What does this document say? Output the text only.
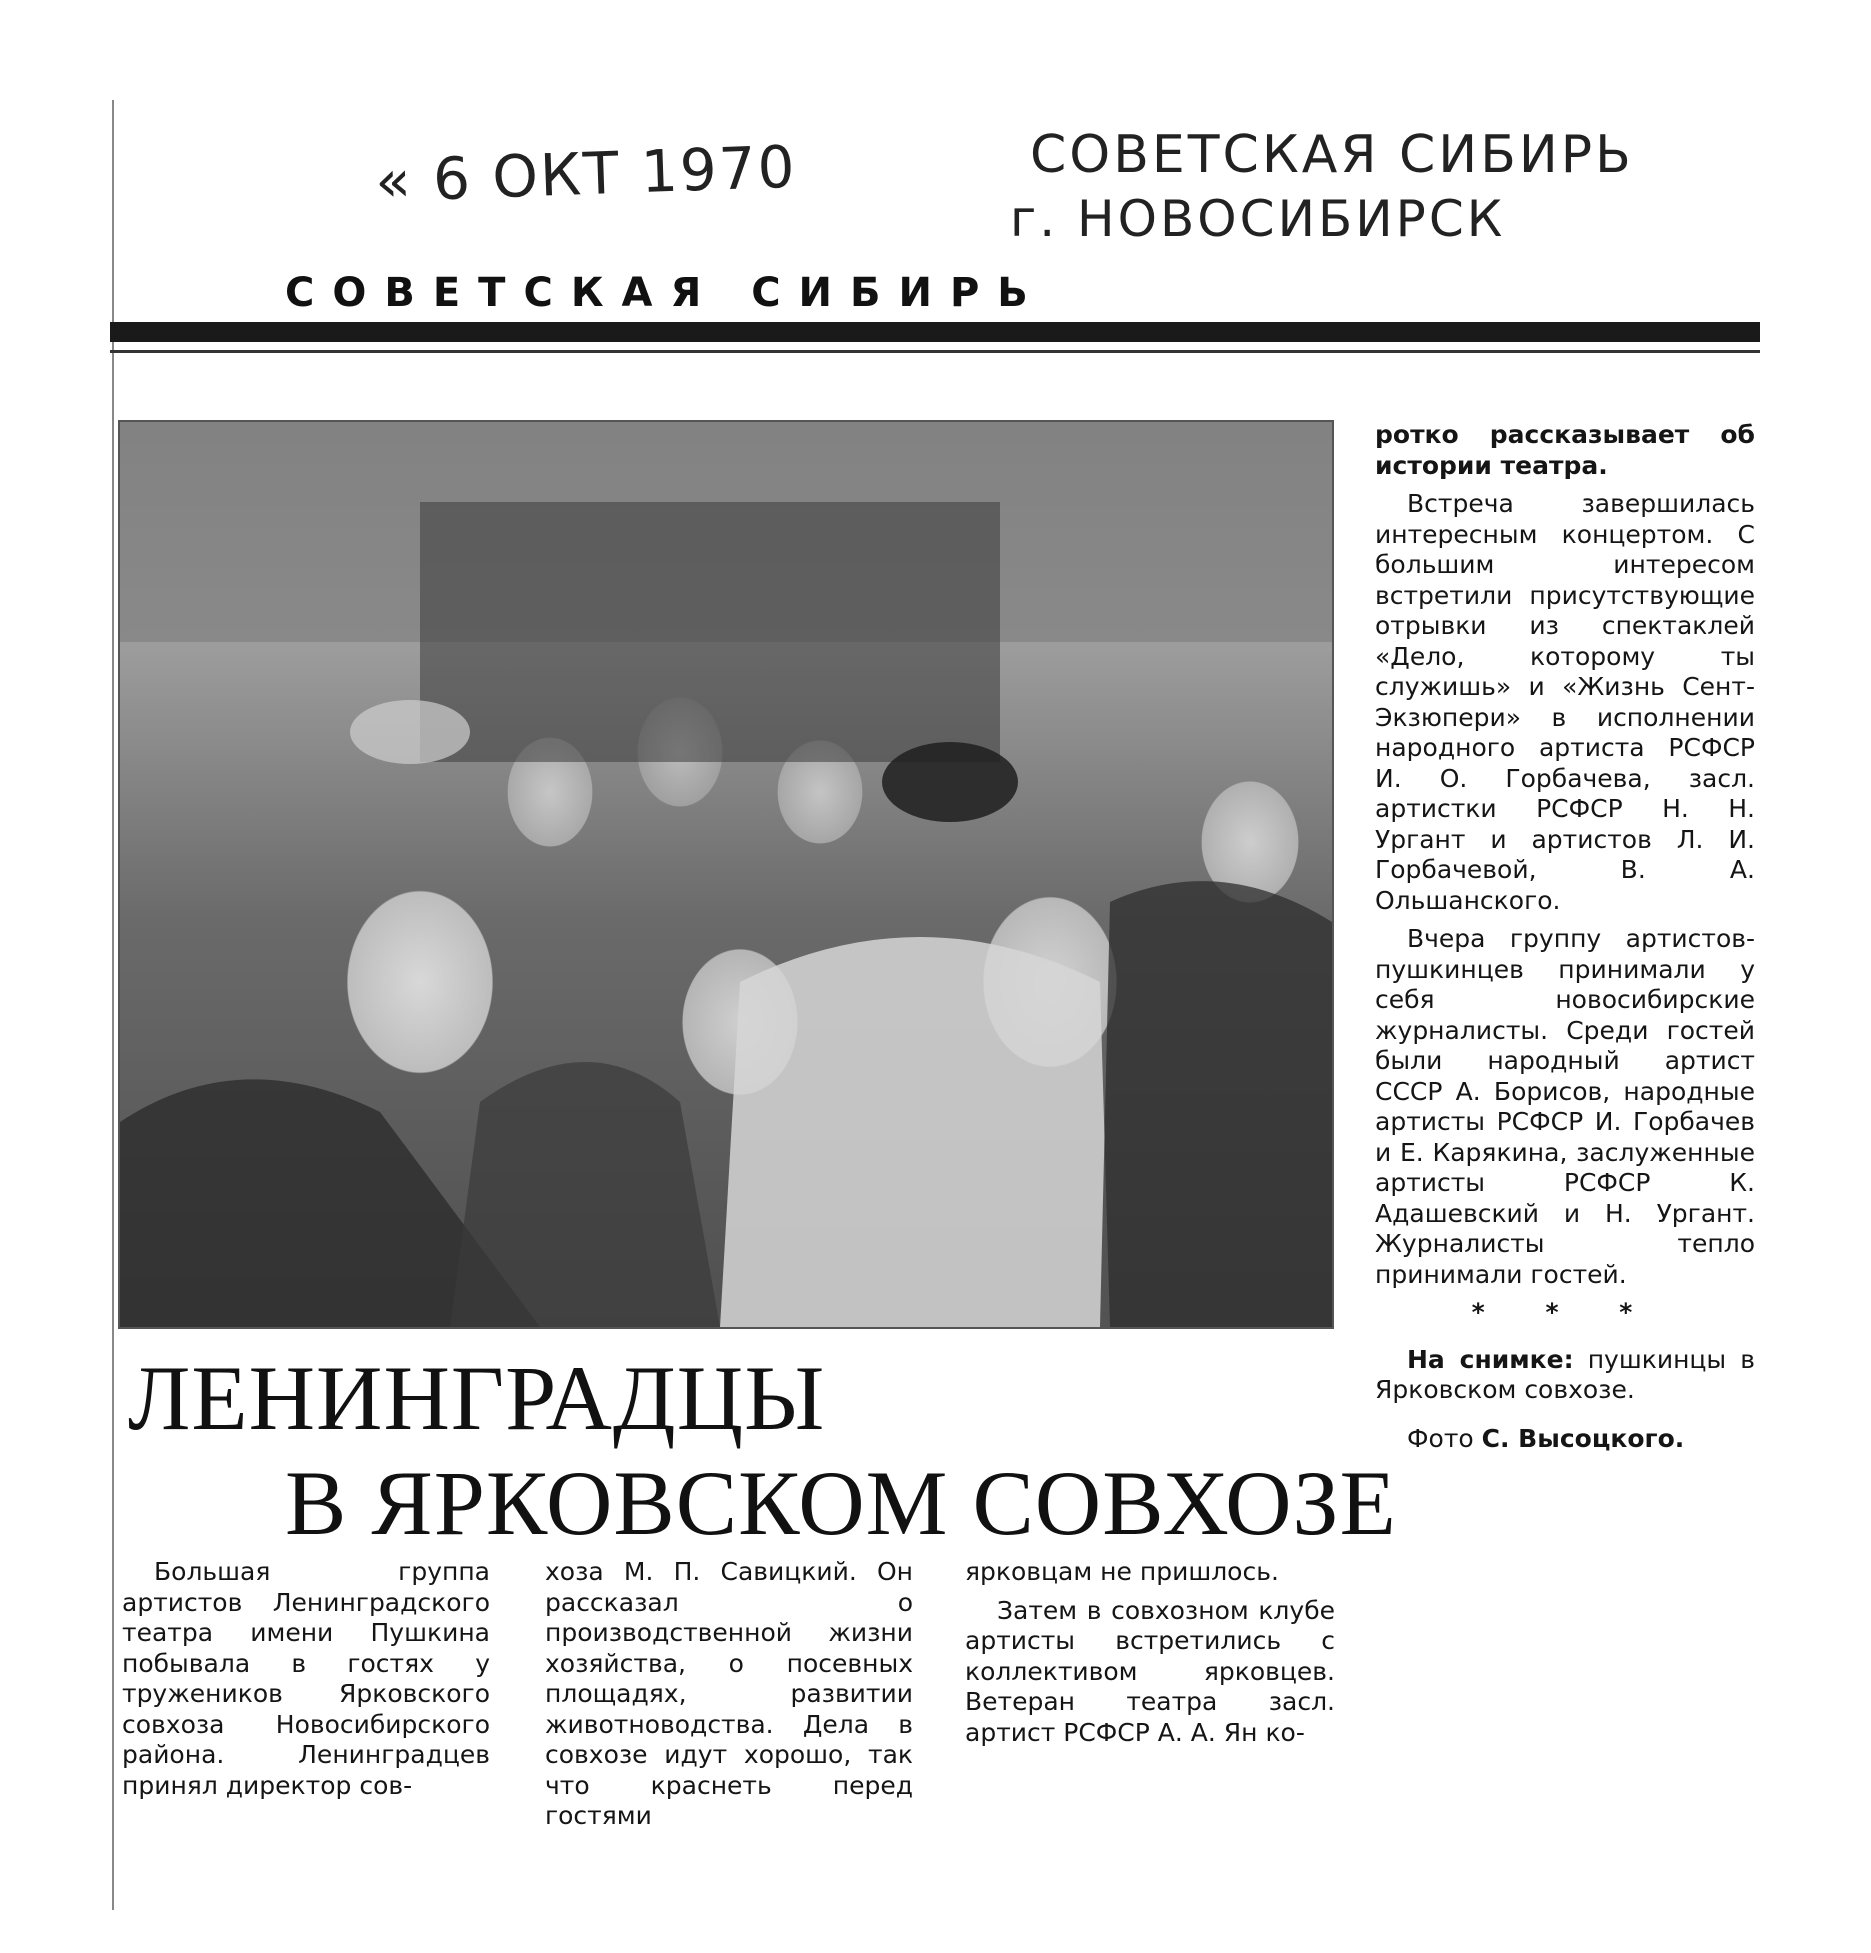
« 6 ОКТ 1970	СОВЕТСКАЯ СИБИРЬ
г. НОВОСИБИРСК
СОВЕТСКАЯ СИБИРЬ
ЛЕНИНГРАДЦЫ
В ЯРКОВСКОМ СОВХОЗЕ

Большая группа артистов Ленинградского театра имени Пушкина побывала в гостях у тружеников Ярковского совхоза Новосибирского района. Ленинградцев принял директор сов-

хоза М. П. Савицкий. Он рассказал о производственной жизни хозяйства, о посевных площадях, развитии животноводства. Дела в совхозе идут хорошо, так что краснеть перед гостями

ярковцам не пришлось.

Затем в совхозном клубе артисты встретились с коллективом ярковцев. Ветеран театра засл. артист РСФСР А. А. Ян ко-

ротко рассказывает об истории театра.

Встреча завершилась интересным концертом. С большим интересом встретили присутствующие отрывки из спектаклей «Дело, которому ты служишь» и «Жизнь Сент-Экзюпери» в исполнении народного артиста РСФСР И. О. Горбачева, засл. артистки РСФСР Н. Н. Ургант и артистов Л. И. Горбачевой, В. А. Ольшанского.

Вчера группу артистов-пушкинцев принимали у себя новосибирские журналисты. Среди гостей были народный артист СССР А. Борисов, народные артисты РСФСР И. Горбачев и Е. Карякина, заслуженные артисты РСФСР К. Адашевский и Н. Ургант. Журналисты тепло принимали гостей.

* * *

На снимке: пушкинцы в Ярковском совхозе.

Фото С. Высоцкого.
